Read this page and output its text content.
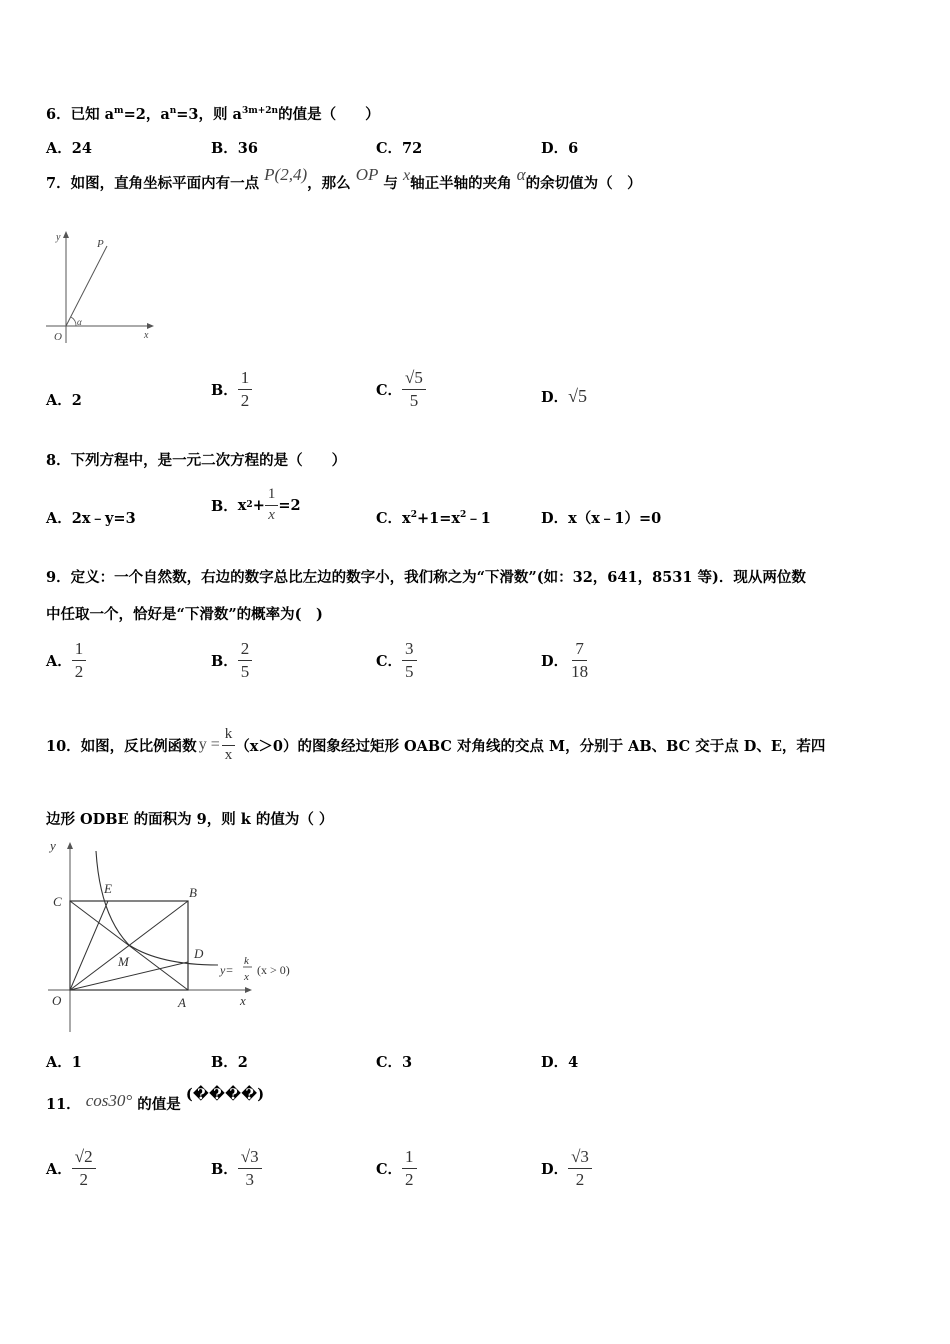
6．已知 $a^m=2$，$a^n=3$，则 $a^{3m+2n}$的值是（　　）
A．24	B．36	C．72	D．6
7．如图，直角坐标平面内有一点 P(2,4)，那么 OP 与 x轴正半轴的夹角 α的余切值为（　）
y
P
O	x
α
A．2
B． $\frac{1}{2}$	C． $\frac{√5}{5}$	D．√5
8．下列方程中，是一元二次方程的是（　　）
A．2x﹣y=3
B． x $2 + \frac{1}{x} =2$
C．$x^2+1=x^2﹣1$	D．x（x﹣1）=0
9．定义：一个自然数，右边的数字总比左边的数字小，我们称之为“下滑数”(如：32，641，8531 等)．现从两位数
中任取一个，恰好是“下滑数”的概率为(　)
A． $\frac{1}{2}$	B． $\frac{2}{5}$	C． $\frac{3}{5}$	D． $\frac{7}{18}$
10． 如图，反比例函数 $y = \frac{k}{x} (x>0)$的图象经过矩形 OABC 对角线的交点 M，分别于 AB、BC 交于点 D、E，若四
边形 ODBE 的面积为 9，则 k 的值为（ ）
y
x
O	A
B
C
D
E
M
y=
k
x (x > 0)
A．1	B．2	C．3	D．4
11． cos30° 的值是 (����)
A． $\frac{√2}{2}$	B． $\frac{√3}{3}$	C． $\frac{1}{2}$	D． $\frac{√3}{2}$
